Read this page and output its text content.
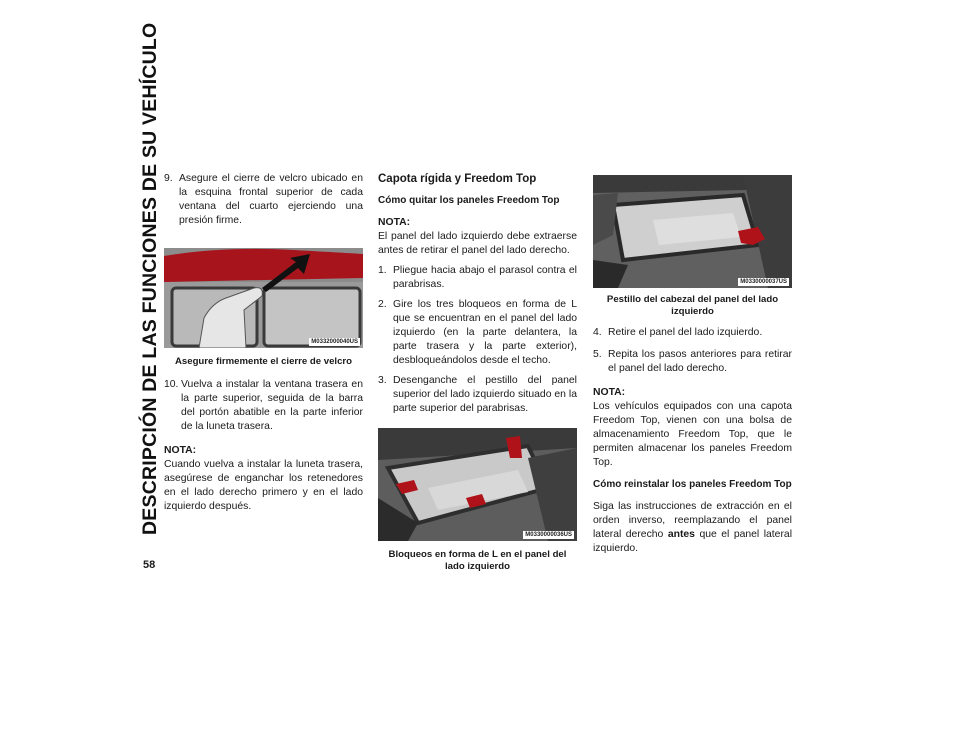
DESCRIPCIÓN DE LAS FUNCIONES DE SU VEHÍCULO
58
9. Asegure el cierre de velcro ubicado en la esquina frontal superior de cada ventana del cuarto ejerciendo una presión firme.
M0332000040US
Asegure firmemente el cierre de velcro
10. Vuelva a instalar la ventana trasera en la parte superior, seguida de la barra del portón abatible en la parte inferior de la luneta trasera.
NOTA:

Cuando vuelva a instalar la luneta trasera, asegúrese de enganchar los retenedores en el lado derecho primero y en el lado izquierdo después.

Capota rígida y Freedom Top
Cómo quitar los paneles Freedom Top
NOTA:

El panel del lado izquierdo debe extraerse antes de retirar el panel del lado derecho.

1. Pliegue hacia abajo el parasol contra el parabrisas.
2. Gire los tres bloqueos en forma de L que se encuentran en el panel del lado izquierdo (en la parte delantera, la parte trasera y la parte exterior), desbloqueándolos desde el techo.
3. Desenganche el pestillo del panel superior del lado izquierdo situado en la parte superior del parabrisas.
M0330000036US
Bloqueos en forma de L en el panel del lado izquierdo
M0330000037US
Pestillo del cabezal del panel del lado izquierdo
4. Retire el panel del lado izquierdo.
5. Repita los pasos anteriores para retirar el panel del lado derecho.
NOTA:

Los vehículos equipados con una capota Freedom Top, vienen con una bolsa de almacenamiento Freedom Top, que le permiten almacenar los paneles Freedom Top.

Cómo reinstalar los paneles Freedom Top

Siga las instrucciones de extracción en el orden inverso, reemplazando el panel lateral derecho antes que el panel lateral izquierdo.
